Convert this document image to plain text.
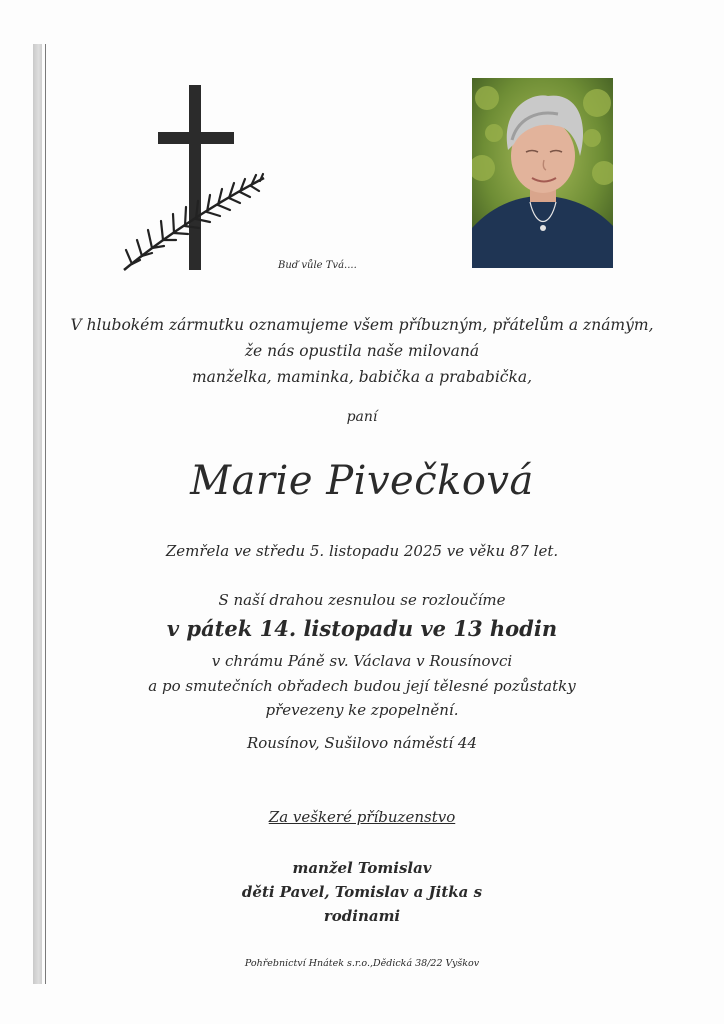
Buď vůle Tvá....
V hlubokém zármutku oznamujeme všem příbuzným, přátelům a známým,
že nás opustila naše milovaná
manželka, maminka, babička a prababička,
paní
Marie Pivečková
Zemřela ve středu 5. listopadu 2025 ve věku 87 let.
S naší drahou zesnulou se rozloučíme
v pátek 14. listopadu ve 13 hodin
v chrámu Páně sv. Václava v Rousínovci
a po smutečních obřadech budou její tělesné pozůstatky
převezeny ke zpopelnění.
Rousínov, Sušilovo náměstí 44
Za veškeré příbuzenstvo
manžel Tomislav
děti Pavel, Tomislav a Jitka s
rodinami
Pohřebnictví Hnátek s.r.o.,Dědická 38/22 Vyškov
